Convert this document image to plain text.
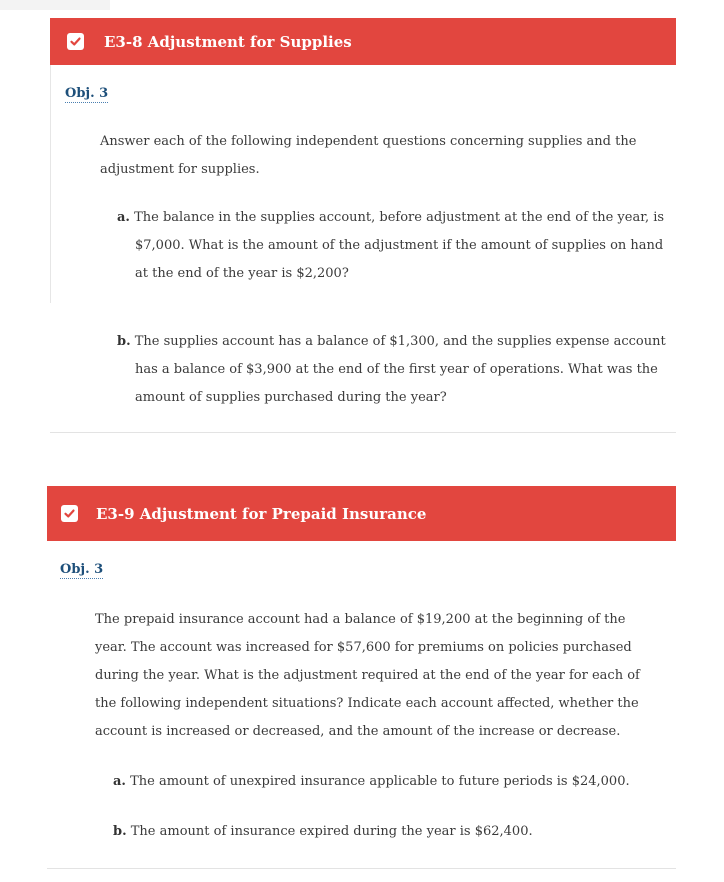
E3-8 Adjustment for Supplies
Obj. 3

Answer each of the following independent questions concerning supplies and the adjustment for supplies.

a. The balance in the supplies account, before adjustment at the end of the year, is $7,000. What is the amount of the adjustment if the amount of supplies on hand at the end of the year is $2,200?

b. The supplies account has a balance of $1,300, and the supplies expense account has a balance of $3,900 at the end of the first year of operations. What was the amount of supplies purchased during the year?

E3-9 Adjustment for Prepaid Insurance
Obj. 3

The prepaid insurance account had a balance of $19,200 at the beginning of the year. The account was increased for $57,600 for premiums on policies purchased during the year. What is the adjustment required at the end of the year for each of the following independent situations? Indicate each account affected, whether the account is increased or decreased, and the amount of the increase or decrease.

a. The amount of unexpired insurance applicable to future periods is $24,000.

b. The amount of insurance expired during the year is $62,400.
